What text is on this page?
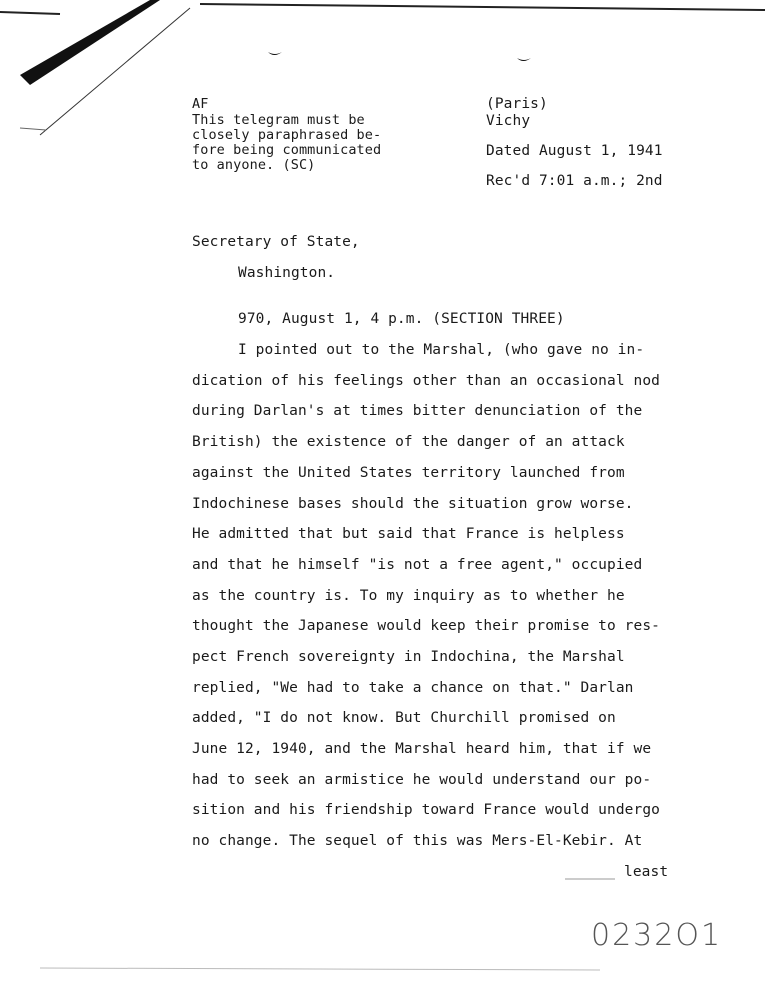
AF
This telegram must be
closely paraphrased be-
fore being communicated
to anyone. (SC)
(Paris)
Vichy
Dated August 1, 1941
Rec'd 7:01 a.m.; 2nd
Secretary of State,
Washington.
970, August 1, 4 p.m. (SECTION THREE)
I pointed out to the Marshal, (who gave no in-
dication of his feelings other than an occasional nod
during Darlan's at times bitter denunciation of the
British) the existence of the danger of an attack
against the United States territory launched from
Indochinese bases should the situation grow worse.
He admitted that but said that France is helpless
and that he himself "is not a free agent," occupied
as the country is. To my inquiry as to whether he
thought the Japanese would keep their promise to res-
pect French sovereignty in Indochina, the Marshal
replied, "We had to take a chance on that." Darlan
added, "I do not know. But Churchill promised on
June 12, 1940, and the Marshal heard him, that if we
had to seek an armistice he would understand our po-
sition and his friendship toward France would undergo
no change. The sequel of this was Mers-El-Kebir. At
least
0232O1
